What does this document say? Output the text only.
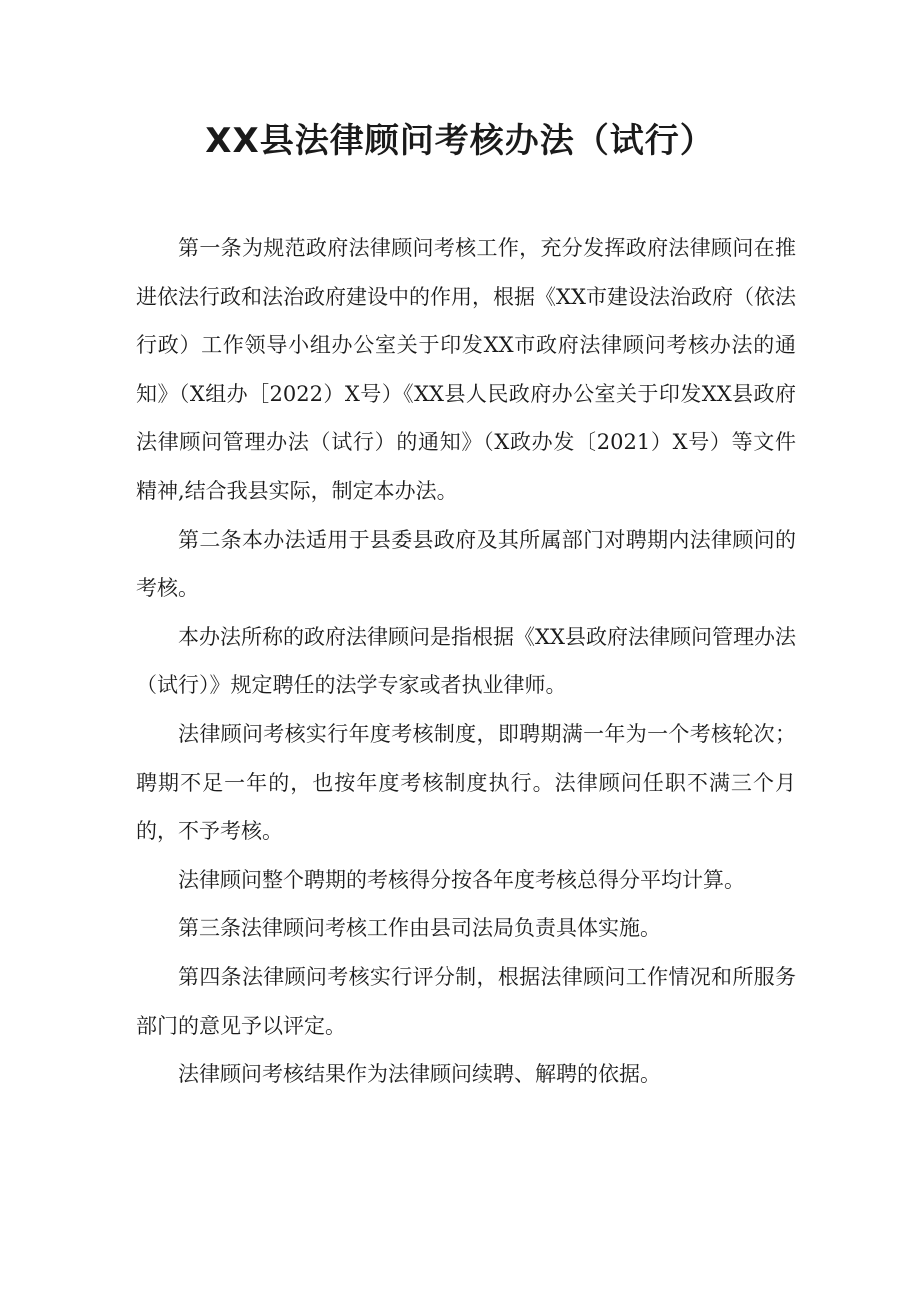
XX县法律顾问考核办法（试行）

第一条为规范政府法律顾问考核工作，充分发挥政府法律顾问在推进依法行政和法治政府建设中的作用，根据《XX市建设法治政府（依法行政）工作领导小组办公室关于印发XX市政府法律顾问考核办法的通知》（X组办［2022）X号）《XX县人民政府办公室关于印发XX县政府法律顾问管理办法（试行）的通知》（X政办发〔2021）X号）等文件精神,结合我县实际，制定本办法。

第二条本办法适用于县委县政府及其所属部门对聘期内法律顾问的考核。

本办法所称的政府法律顾问是指根据《XX县政府法律顾问管理办法（试行）》规定聘任的法学专家或者执业律师。

法律顾问考核实行年度考核制度，即聘期满一年为一个考核轮次；聘期不足一年的，也按年度考核制度执行。法律顾问任职不满三个月的，不予考核。

法律顾问整个聘期的考核得分按各年度考核总得分平均计算。

第三条法律顾问考核工作由县司法局负责具体实施。

第四条法律顾问考核实行评分制，根据法律顾问工作情况和所服务部门的意见予以评定。

法律顾问考核结果作为法律顾问续聘、解聘的依据。
